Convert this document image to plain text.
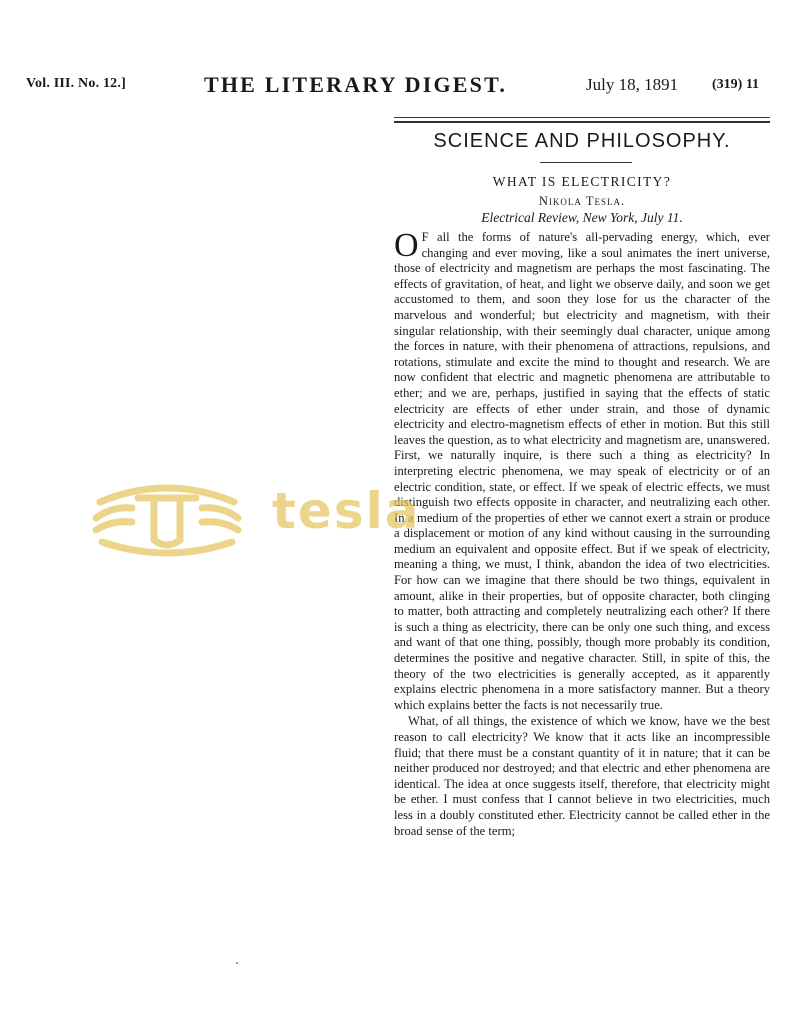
Vol. III. No. 12.]	THE LITERARY DIGEST.	July 18, 1891 (319) 11
SCIENCE AND PHILOSOPHY.
WHAT IS ELECTRICITY?
Nikola Tesla.
Electrical Review, New York, July 11.

O F all the forms of nature's all-pervading energy, which, ever changing and ever moving, like a soul animates the inert universe, those of electricity and magnetism are perhaps the most fascinating. The effects of gravitation, of heat, and light we observe daily, and soon we get accustomed to them, and soon they lose for us the character of the marvelous and wonderful; but electricity and magnetism, with their singular relationship, with their seemingly dual character, unique among the forces in nature, with their phenomena of attractions, repulsions, and rotations, stimulate and excite the mind to thought and research. We are now confident that electric and magnetic phenomena are attributable to ether; and we are, perhaps, justified in saying that the effects of static electricity are effects of ether under strain, and those of dynamic electricity and electro-magnetism effects of ether in motion. But this still leaves the question, as to what electricity and magnetism are, unanswered. First, we naturally inquire, is there such a thing as electricity? In interpreting electric phenomena, we may speak of electricity or of an electric condition, state, or effect. If we speak of electric effects, we must distinguish two effects opposite in character, and neutralizing each other. In a medium of the properties of ether we cannot exert a strain or produce a displacement or motion of any kind without causing in the surrounding medium an equivalent and opposite effect. But if we speak of electricity, meaning a thing, we must, I think, abandon the idea of two electricities. For how can we imagine that there should be two things, equivalent in amount, alike in their properties, but of opposite character, both clinging to matter, both attracting and completely neutralizing each other? If there is such a thing as electricity, there can be only one such thing, and excess and want of that one thing, possibly, though more probably its condition, determines the positive and negative character. Still, in spite of this, the theory of the two electricities is generally accepted, as it apparently explains electric phenomena in a more satisfactory manner. But a theory which explains better the facts is not necessarily true.

What, of all things, the existence of which we know, have we the best reason to call electricity? We know that it acts like an incompressible fluid; that there must be a constant quantity of it in nature; that it can be neither produced nor destroyed; and that electric and ether phenomena are identical. The idea at once suggests itself, therefore, that electricity might be ether. I must confess that I cannot believe in two electricities, much less in a doubly constituted ether. Electricity cannot be called ether in the broad sense of the term;

tesla
